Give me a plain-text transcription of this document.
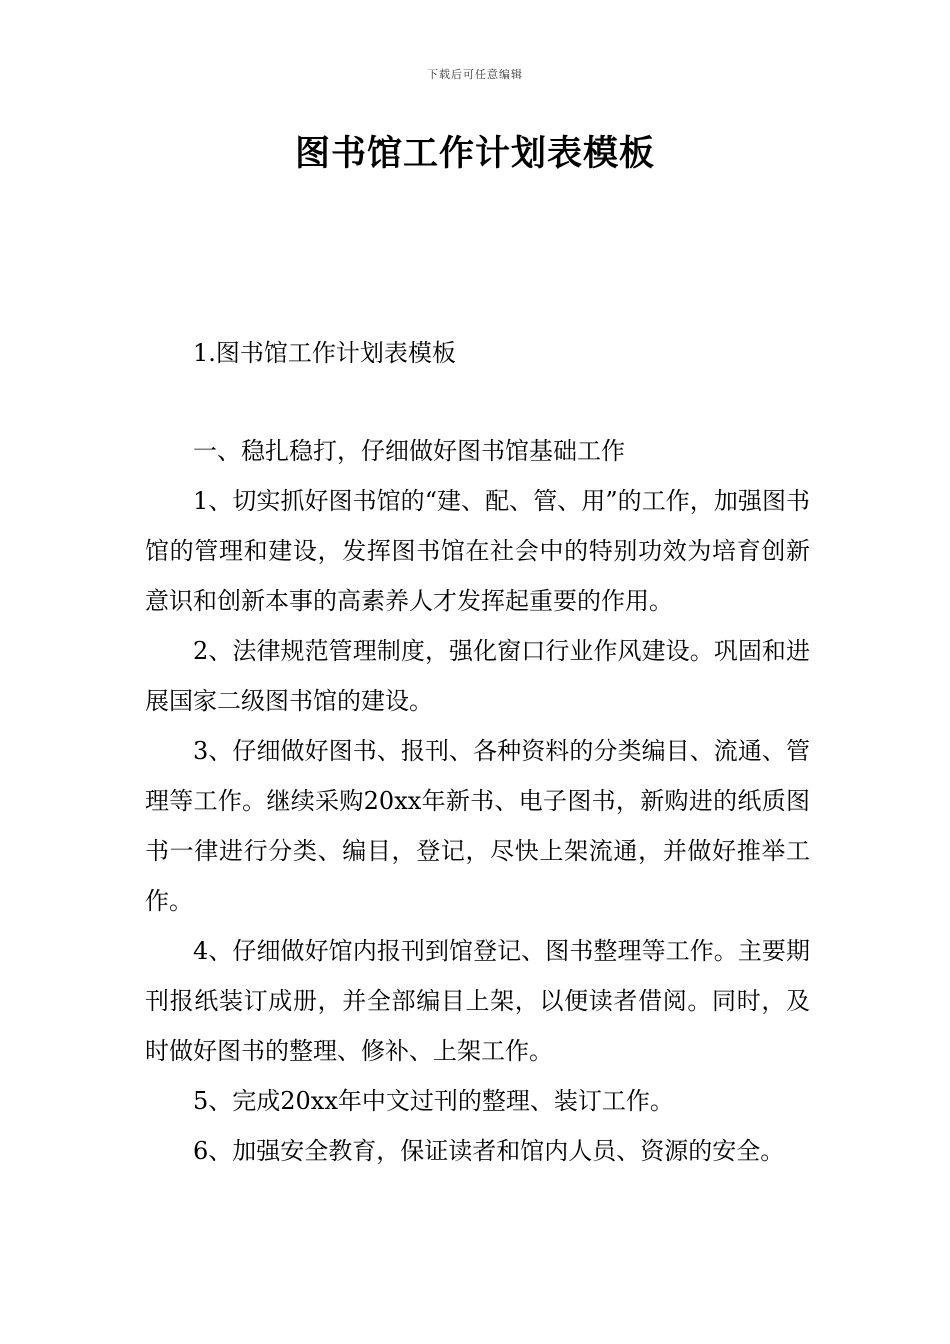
下载后可任意编辑
图书馆工作计划表模板

1.图书馆工作计划表模板

一、稳扎稳打，仔细做好图书馆基础工作

1、切实抓好图书馆的“建、配、管、用”的工作，加强图书馆的管理和建设，发挥图书馆在社会中的特别功效为培育创新意识和创新本事的高素养人才发挥起重要的作用。

2、法律规范管理制度，强化窗口行业作风建设。巩固和进展国家二级图书馆的建设。

3、仔细做好图书、报刊、各种资料的分类编目、流通、管理等工作。继续采购20xx年新书、电子图书，新购进的纸质图书一律进行分类、编目，登记，尽快上架流通，并做好推举工作。

4、仔细做好馆内报刊到馆登记、图书整理等工作。主要期刊报纸装订成册，并全部编目上架，以便读者借阅。同时，及时做好图书的整理、修补、上架工作。

5、完成20xx年中文过刊的整理、装订工作。

6、加强安全教育，保证读者和馆内人员、资源的安全。
